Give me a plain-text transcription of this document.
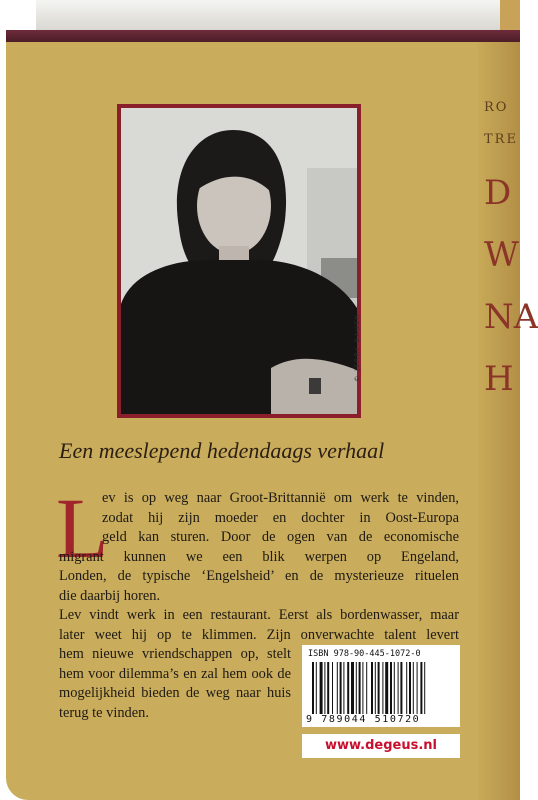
RO TRE
D W NA H
© JERRY BAUER
Een meeslepend hedendaags verhaal
L
ev is op weg naar Groot-Brittannië om werk te vinden,
zodat hij zijn moeder en dochter in Oost-Europa
geld kan sturen. Door de ogen van de economische
migrant kunnen we een blik werpen op Engeland,
Londen, de typische ‘Engelsheid’ en de mysterieuze rituelen
die daarbij horen.
Lev vindt werk in een restaurant. Eerst als bordenwasser, maar
later weet hij op te klimmen. Zijn onverwachte talent levert
hem nieuwe vriendschappen op, stelt
hem voor dilemma’s en zal hem ook de
mogelijkheid bieden de weg naar huis
terug te vinden.
ISBN 978-90-445-1072-0
9 789044 510720
www.degeus.nl
